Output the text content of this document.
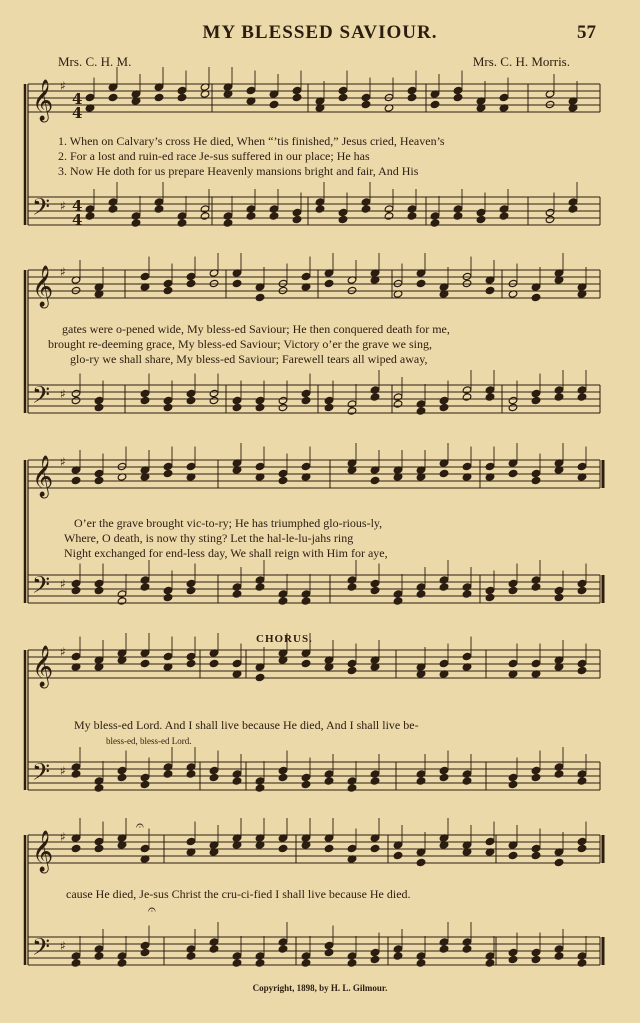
𝄞
𝄢
♯
♯
𝄞
𝄢
♯
♯
𝄞
𝄢
♯
♯
𝄞
𝄢
♯
♯
𝄞
𝄢
♯
♯
4
4
4
4
𝄐
𝄐
MY BLESSED SAVIOUR.	57
Mrs. C. H. M.	Mrs. C. H. Morris.
1. When on Calvary’s cross He died, When “’tis finished,” Jesus cried, Heaven’s
2. For a lost and ruin-ed race Je-sus suffered in our place; He has
3. Now He doth for us prepare Heavenly mansions bright and fair, And His
gates were o-pened wide, My bless-ed Saviour; He then conquered death for me,
brought re-deeming grace, My bless-ed Saviour; Victory o’er the grave we sing,
glo-ry we shall share, My bless-ed Saviour; Farewell tears all wiped away,
O’er the grave brought vic-to-ry; He has triumphed glo-rious-ly,
Where, O death, is now thy sting? Let the hal-le-lu-jahs ring
Night exchanged for end-less day, We shall reign with Him for aye,
CHORUS.
My bless-ed Lord. And I shall live because He died, And I shall live be-
bless-ed, bless-ed Lord.
cause He died, Je-sus Christ the cru-ci-fied I shall live because He died.
Copyright, 1898, by H. L. Gilmour.
